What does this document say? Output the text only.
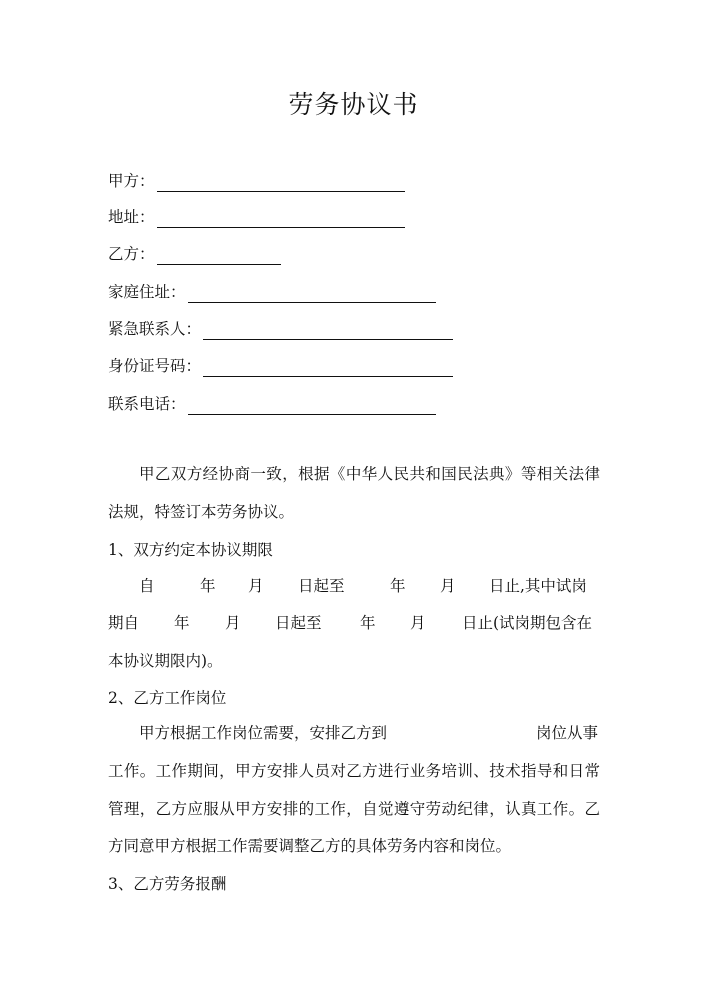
劳务协议书
甲方：
地址：
乙方：
家庭住址：
紧急联系人：
身份证号码：
联系电话：
甲乙双方经协商一致，根据《中华人民共和国民法典》等相关法律法规，特签订本劳务协议。
1、双方约定本协议期限
自	年 月 日起至	年 月 日止,其中试岗
期自 年 月 日起至 年 月 日止(试岗期包含在
本协议期限内)。
2、乙方工作岗位
甲方根据工作岗位需要，安排乙方到	岗位从事
工作。工作期间，甲方安排人员对乙方进行业务培训、技术指导和日常管理，乙方应服从甲方安排的工作，自觉遵守劳动纪律，认真工作。乙方同意甲方根据工作需要调整乙方的具体劳务内容和岗位。
3、乙方劳务报酬
